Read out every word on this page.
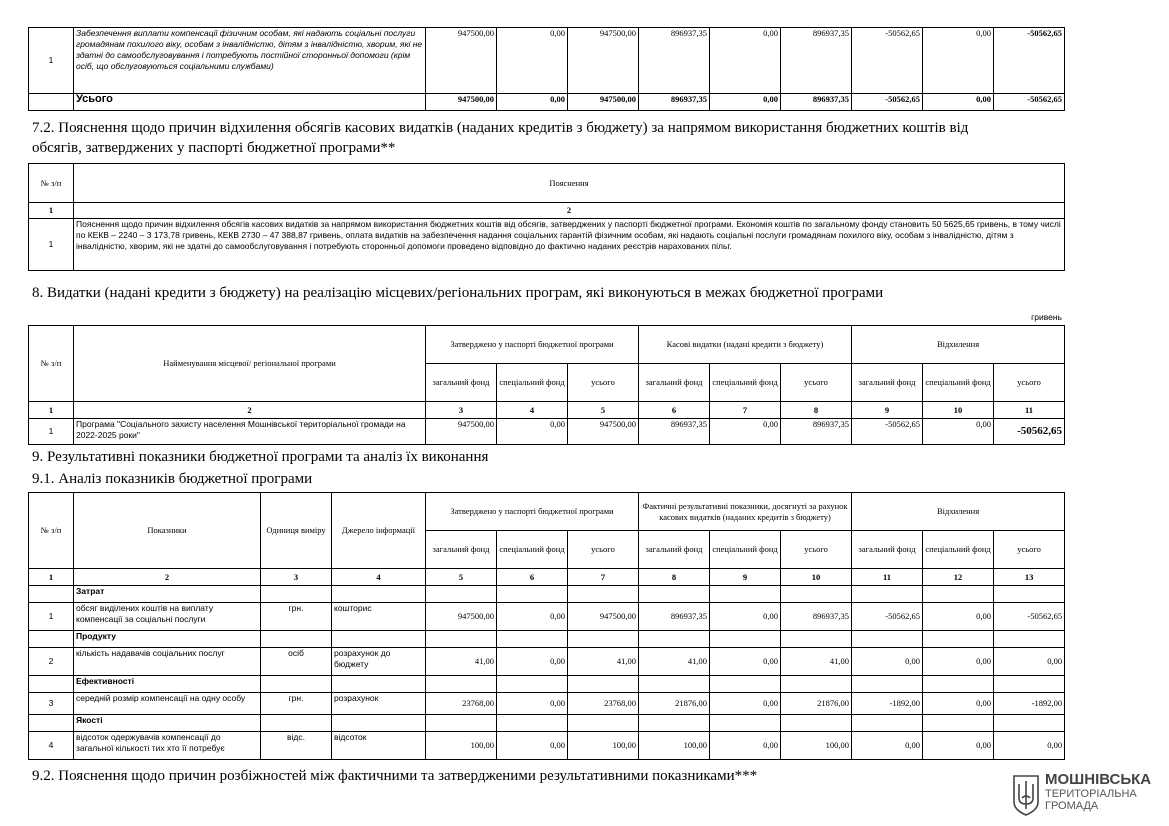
1	Забезпечення виплати компенсації фізичним особам, які надають соціальні послуги громадянам похилого віку, особам з інвалідністю, дітям з інвалідністю, хворим, які не здатні до самообслуговування і потребують постійної сторонньої допомоги (крім осіб, що обслуговуються соціальними службами)	947500,00	0,00	947500,00	896937,35	0,00	896937,35	-50562,65	0,00	-50562,65
	Усього	947500,00	0,00	947500,00	896937,35	0,00	896937,35	-50562,65	0,00	-50562,65
7.2. Пояснення щодо причин відхилення обсягів касових видатків (наданих кредитів з бюджету) за напрямом використання бюджетних коштів від
обсягів, затверджених у паспорті бюджетної програми**
№ з/п	Пояснення
1	2
1	Пояснення щодо причин відхилення обсягів касових видатків за напрямом використання бюджетних коштів від обсягів, затверджених у паспорті бюджетної програми. Економія коштів по загальному фонду становить 50 5625,65 гривень, в тому числі по КЕКВ – 2240 – 3 173,78 гривень, КЕКВ 2730 – 47 388,87 гривень, оплата видатків на забезпечення надання соціальних гарантій фізичним особам, які надають соціальні послуги громадянам похилого віку, особам з інвалідністю, дітям з інвалідністю, хворим, які не здатні до самообслуговування і потребують сторонньої допомоги проведено відповідно до фактично наданих реєстрів нарахованих пільг.
8. Видатки (надані кредити з бюджету) на реалізацію місцевих/регіональних програм, які виконуються в межах бюджетної програми
гривень
№ з/п	Найменування місцевої/ регіональної програми	Затверджено у паспорті бюджетної програми			Касові видатки (надані кредити з бюджету)			Відхилення		
		загальний фонд	спеціальний фонд	усього	загальний фонд	спеціальний фонд	усього	загальний фонд	спеціальний фонд	усього
1	2	3	4	5	6	7	8	9	10	11
1	Програма "Соціального захисту населення Мошнівської територіальної громади на 2022-2025 роки"	947500,00	0,00	947500,00	896937,35	0,00	896937,35	-50562,65	0,00	-50562,65
9. Результативні показники бюджетної програми та аналіз їх виконання
9.1. Аналіз показників бюджетної програми
№ з/п	Показники	Одиниця виміру	Джерело інформації	Затверджено у паспорті бюджетної програми			Фактичні результативні показники, досягнуті за рахунок касових видатків (наданих кредитів з бюджету)			Відхилення		
				загальний фонд	спеціальний фонд	усього	загальний фонд	спеціальний фонд	усього	загальний фонд	спеціальний фонд	усього
1	2	3	4	5	6	7	8	9	10	11	12	13
	Затрат											
1	обсяг виділених коштів на виплату компенсації за соціальні послуги	грн.	кошторис	947500,00	0,00	947500,00	896937,35	0,00	896937,35	-50562,65	0,00	-50562,65
	Продукту											
2	кількість надавачів соціальних послуг	осіб	розрахунок до бюджету	41,00	0,00	41,00	41,00	0,00	41,00	0,00	0,00	0,00
	Ефективності											
3	середній розмір компенсації на одну особу	грн.	розрахунок	23768,00	0,00	23768,00	21876,00	0,00	21876,00	-1892,00	0,00	-1892,00
	Якості											
4	відсоток одержувачів компенсації до загальної кількості тих хто її потребує	відс.	відсоток	100,00	0,00	100,00	100,00	0,00	100,00	0,00	0,00	0,00
9.2. Пояснення щодо причин розбіжностей між фактичними та затвердженими результативними показниками***	МОШНІВСЬКА
ТЕРИТОРІАЛЬНА
ГРОМАДА
